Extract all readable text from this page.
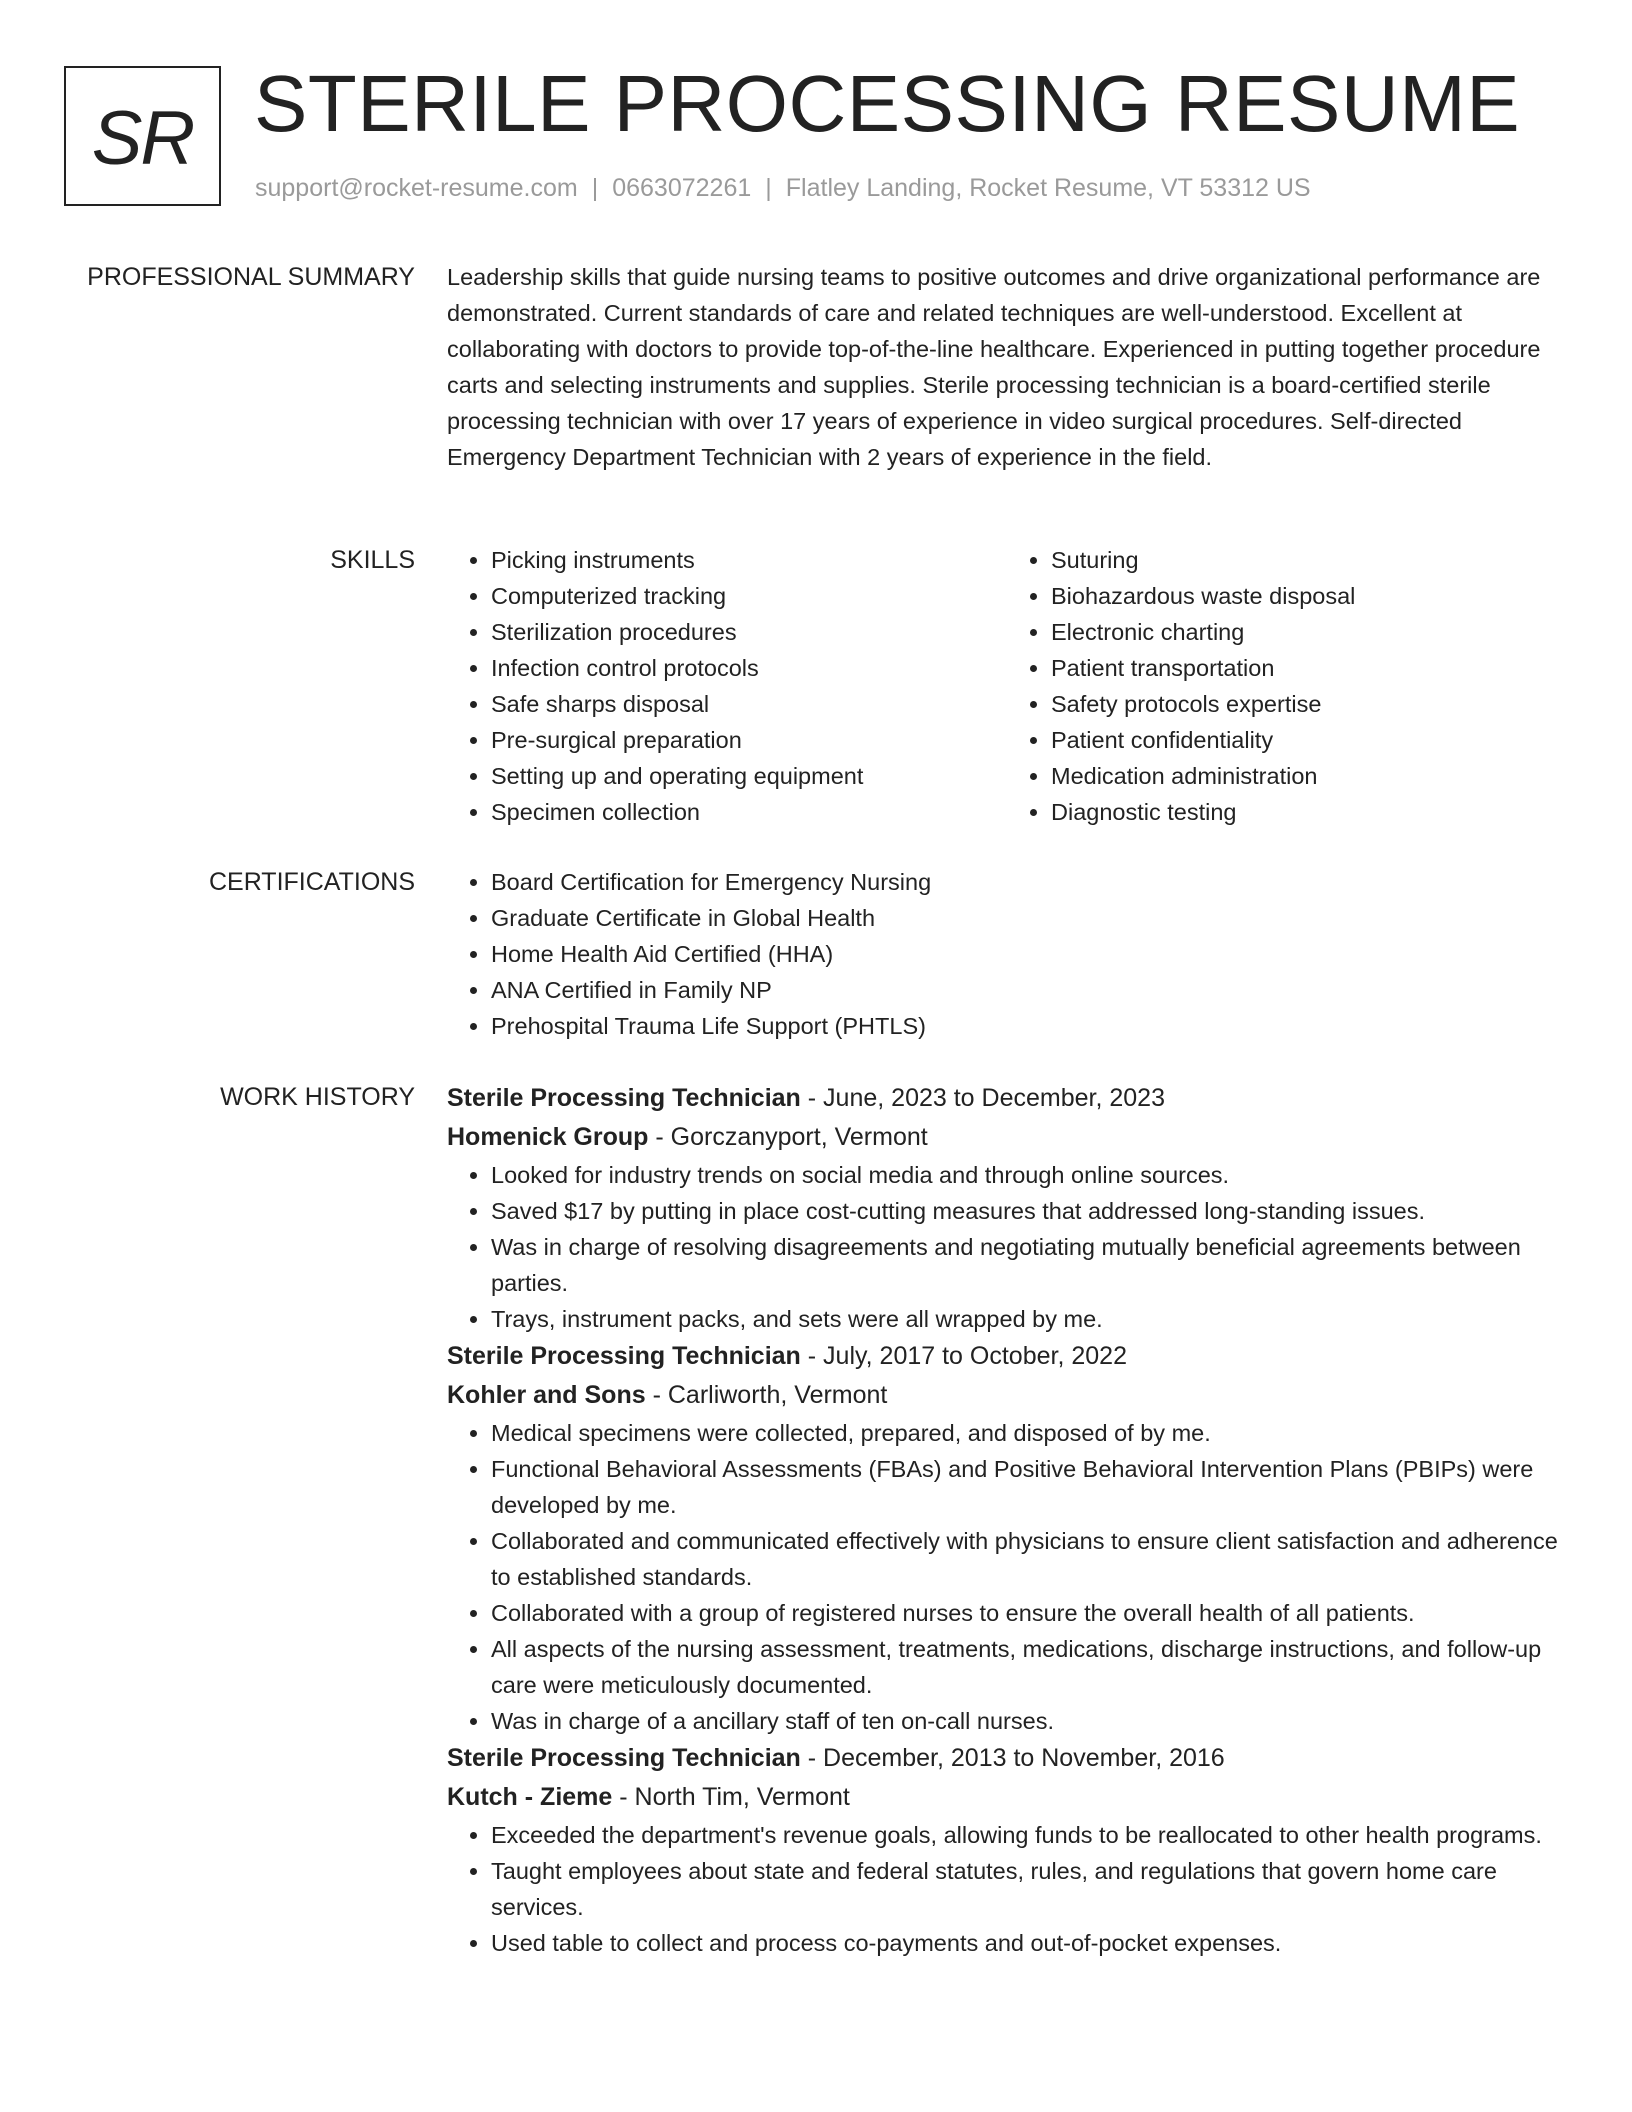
SR STERILE PROCESSING RESUME
support@rocket-resume.com | 0663072261 | Flatley Landing, Rocket Resume, VT 53312 US
PROFESSIONAL SUMMARY Leadership skills that guide nursing teams to positive outcomes and drive organizational performance are demonstrated. Current standards of care and related techniques are well-understood. Excellent at collaborating with doctors to provide top-of-the-line healthcare. Experienced in putting together procedure carts and selecting instruments and supplies. Sterile processing technician is a board-certified sterile processing technician with over 17 years of experience in video surgical procedures. Self-directed Emergency Department Technician with 2 years of experience in the field.
SKILLS	• Picking instruments
• Computerized tracking
• Sterilization procedures
• Infection control protocols
• Safe sharps disposal
• Pre-surgical preparation
• Setting up and operating equipment
• Specimen collection
• Suturing
• Biohazardous waste disposal
• Electronic charting
• Patient transportation
• Safety protocols expertise
• Patient confidentiality
• Medication administration
• Diagnostic testing
CERTIFICATIONS	• Board Certification for Emergency Nursing
• Graduate Certificate in Global Health
• Home Health Aid Certified (HHA)
• ANA Certified in Family NP
• Prehospital Trauma Life Support (PHTLS)
WORK HISTORY Sterile Processing Technician - June, 2023 to December, 2023
Homenick Group - Gorczanyport, Vermont
• Looked for industry trends on social media and through online sources.
• Saved $17 by putting in place cost-cutting measures that addressed long-standing issues.
• Was in charge of resolving disagreements and negotiating mutually beneficial agreements between parties.
• Trays, instrument packs, and sets were all wrapped by me.
Sterile Processing Technician - July, 2017 to October, 2022
Kohler and Sons - Carliworth, Vermont
• Medical specimens were collected, prepared, and disposed of by me.
• Functional Behavioral Assessments (FBAs) and Positive Behavioral Intervention Plans (PBIPs) were developed by me.
• Collaborated and communicated effectively with physicians to ensure client satisfaction and adherence to established standards.
• Collaborated with a group of registered nurses to ensure the overall health of all patients.
• All aspects of the nursing assessment, treatments, medications, discharge instructions, and follow-up care were meticulously documented.
• Was in charge of a ancillary staff of ten on-call nurses.
Sterile Processing Technician - December, 2013 to November, 2016
Kutch - Zieme - North Tim, Vermont
• Exceeded the department's revenue goals, allowing funds to be reallocated to other health programs.
• Taught employees about state and federal statutes, rules, and regulations that govern home care services.
• Used table to collect and process co-payments and out-of-pocket expenses.
